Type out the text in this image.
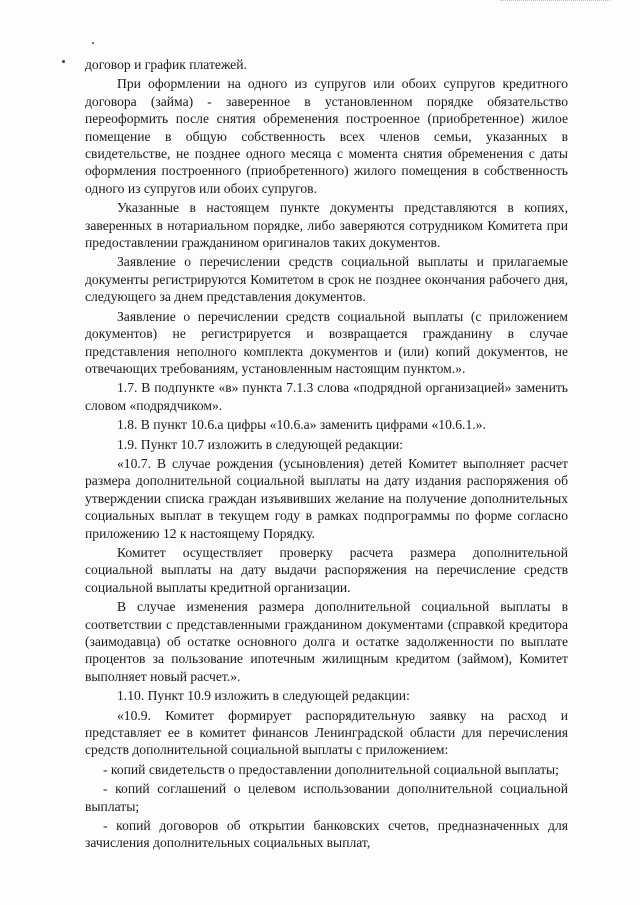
договор и график платежей.

При оформлении на одного из супругов или обоих супругов кредитного договора (займа) - заверенное в установленном порядке обязательство переоформить после снятия обременения построенное (приобретенное) жилое помещение в общую собственность всех членов семьи, указанных в свидетельстве, не позднее одного месяца с момента снятия обременения с даты оформления построенного (приобретенного) жилого помещения в собственность одного из супругов или обоих супругов.

Указанные в настоящем пункте документы представляются в копиях, заверенных в нотариальном порядке, либо заверяются сотрудником Комитета при предоставлении гражданином оригиналов таких документов.

Заявление о перечислении средств социальной выплаты и прилагаемые документы регистрируются Комитетом в срок не позднее окончания рабочего дня, следующего за днем представления документов.

Заявление о перечислении средств социальной выплаты (с приложением документов) не регистрируется и возвращается гражданину в случае представления неполного комплекта документов и (или) копий документов, не отвечающих требованиям, установленным настоящим пунктом.».

1.7. В подпункте «в» пункта 7.1.3 слова «подрядной организацией» заменить словом «подрядчиком».

1.8. В пункт 10.6.а цифры «10.6.а» заменить цифрами «10.6.1.».

1.9. Пункт 10.7 изложить в следующей редакции:

«10.7. В случае рождения (усыновления) детей Комитет выполняет расчет размера дополнительной социальной выплаты на дату издания распоряжения об утверждении списка граждан изъявивших желание на получение дополнительных социальных выплат в текущем году в рамках подпрограммы по форме согласно приложению 12 к настоящему Порядку.

Комитет осуществляет проверку расчета размера дополнительной социальной выплаты на дату выдачи распоряжения на перечисление средств социальной выплаты кредитной организации.

В случае изменения размера дополнительной социальной выплаты в соответствии с представленными гражданином документами (справкой кредитора (заимодавца) об остатке основного долга и остатке задолженности по выплате процентов за пользование ипотечным жилищным кредитом (займом), Комитет выполняет новый расчет.».

1.10. Пункт 10.9 изложить в следующей редакции:

«10.9. Комитет формирует распорядительную заявку на расход и представляет ее в комитет финансов Ленинградской области для перечисления средств дополнительной социальной выплаты с приложением:

- копий свидетельств о предоставлении дополнительной социальной выплаты;

- копий соглашений о целевом использовании дополнительной социальной выплаты;

- копий договоров об открытии банковских счетов, предназначенных для зачисления дополнительных социальных выплат,
